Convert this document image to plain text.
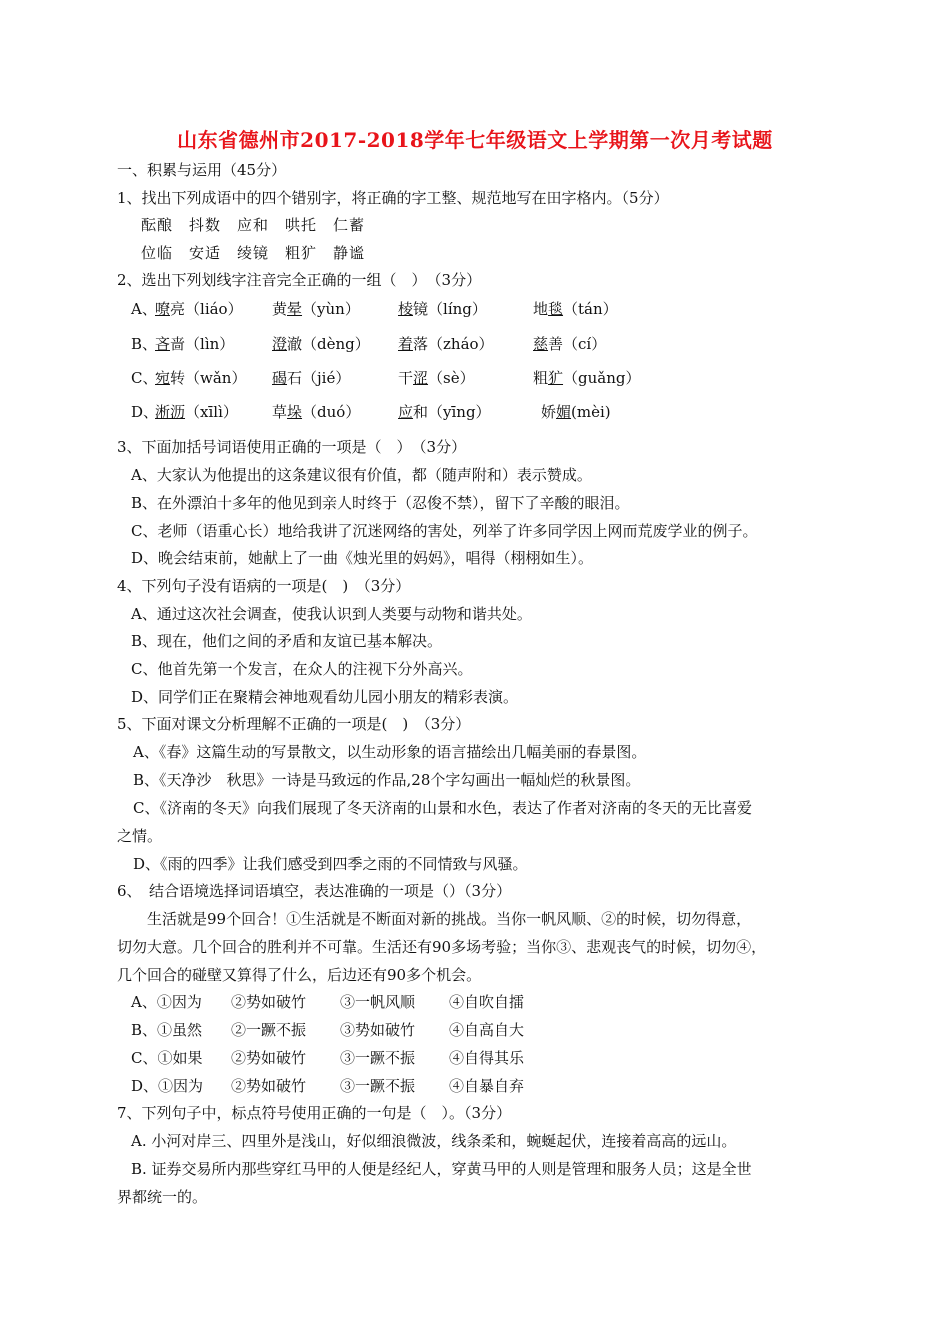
山东省德州市2017-2018学年七年级语文上学期第一次月考试题
一、积累与运用（45分）
1、找出下列成语中的四个错别字，将正确的字工整、规范地写在田字格内。（5分）
酝酿　抖数　应和　哄托　仁蓄
位临　安适　绫镜　粗犷　静谧
2、选出下列划线字注音完全正确的一组（　）　（3分）
A、
嘹亮（liáo） 黄晕（yùn）	棱镜（líng）	地毯（tán）
B、
吝啬（lìn）	澄澈（dèng） 着落（zháo）	慈善（cí）
C、
宛转（wǎn） 碣石（jié）	干涩（sè）	粗犷（guǎng）
D、
淅沥（xīlì） 草垛（duó）	应和（yīng）	娇媚(mèi)
3、下面加括号词语使用正确的一项是（　）　（3分）
A、大家认为他提出的这条建议很有价值，都（随声附和）表示赞成。
B、在外漂泊十多年的他见到亲人时终于（忍俊不禁），留下了辛酸的眼泪。
C、老师（语重心长）地给我讲了沉迷网络的害处，列举了许多同学因上网而荒废学业的例子。
D、晚会结束前，她献上了一曲《烛光里的妈妈》，唱得（栩栩如生）。
4、下列句子没有语病的一项是(　)　（3分）
A、通过这次社会调查，使我认识到人类要与动物和谐共处。
B、现在，他们之间的矛盾和友谊已基本解决。
C、他首先第一个发言，在众人的注视下分外高兴。
D、同学们正在聚精会神地观看幼儿园小朋友的精彩表演。
5、下面对课文分析理解不正确的一项是(　)　（3分）
A、《春》这篇生动的写景散文，以生动形象的语言描绘出几幅美丽的春景图。
B、《天净沙　秋思》一诗是马致远的作品,28个字勾画出一幅灿烂的秋景图。
C、《济南的冬天》向我们展现了冬天济南的山景和水色，表达了作者对济南的冬天的无比喜爱
之情。
D、《雨的四季》让我们感受到四季之雨的不同情致与风骚。
6、　结合语境选择词语填空，表达准确的一项是（）（3分）
生活就是99个回合！①生活就是不断面对新的挑战。当你一帆风顺、②的时候，切勿得意，
切勿大意。几个回合的胜利并不可靠。生活还有90多场考验；当你③、悲观丧气的时候，切勿④，
几个回合的碰壁又算得了什么，后边还有90多个机会。
A、①因为 ②势如破竹 ③一帆风顺 ④自吹自擂
B、①虽然 ②一蹶不振 ③势如破竹 ④自高自大
C、①如果 ②势如破竹 ③一蹶不振 ④自得其乐
D、①因为 ②势如破竹 ③一蹶不振 ④自暴自弃
7、下列句子中，标点符号使用正确的一句是（　）。（3分）
A. 小河对岸三、四里外是浅山，好似细浪微波，线条柔和，蜿蜒起伏，连接着高高的远山。
B. 证券交易所内那些穿红马甲的人便是经纪人，穿黄马甲的人则是管理和服务人员；这是全世
界都统一的。
